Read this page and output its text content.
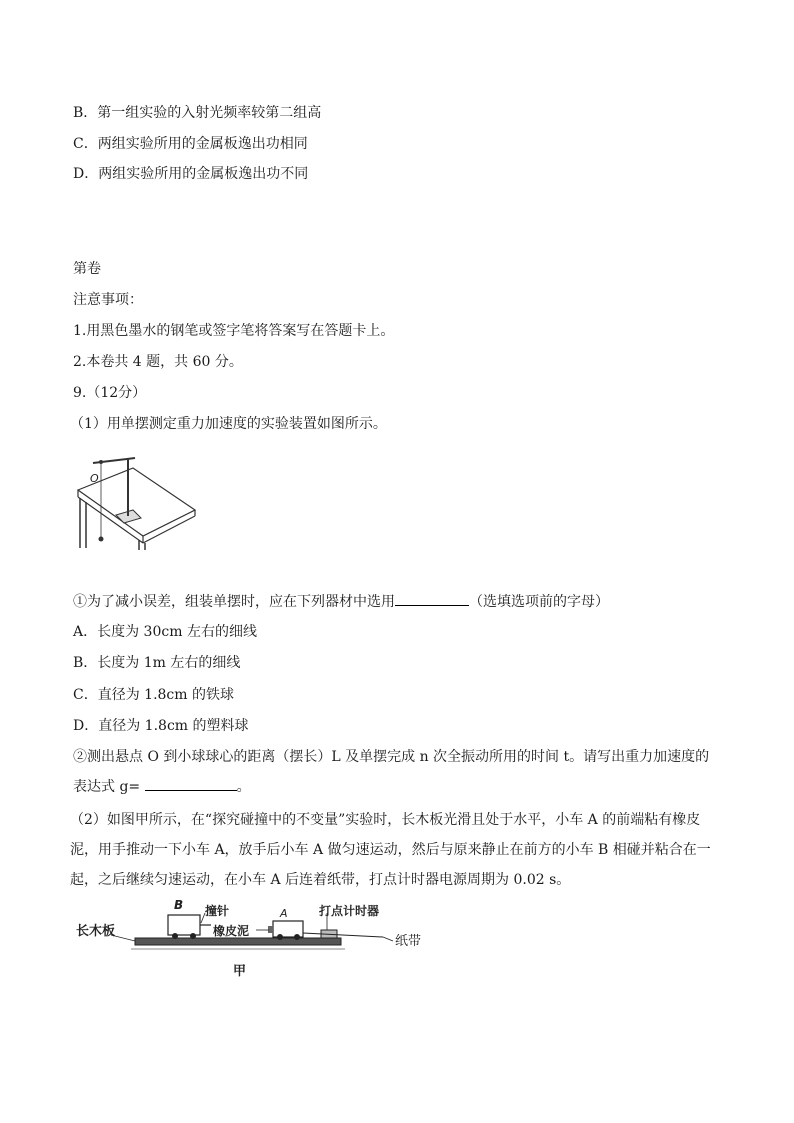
B．第一组实验的入射光频率较第二组高
C．两组实验所用的金属板逸出功相同
D．两组实验所用的金属板逸出功不同
第卷
注意事项：
1.用黑色墨水的钢笔或签字笔将答案写在答题卡上。
2.本卷共 4 题，共 60 分。
9.（12分）
（1）用单摆测定重力加速度的实验装置如图所示。
O
①为了减小误差，组装单摆时，应在下列器材中选用	（选填选项前的字母）
A．长度为 30cm 左右的细线
B．长度为 1m 左右的细线
C．直径为 1.8cm 的铁球
D．直径为 1.8cm 的塑料球
②测出悬点 O 到小球球心的距离（摆长）L 及单摆完成 n 次全振动所用的时间 t。请写出重力加速度的表达式 g=	。
（2）如图甲所示，在“探究碰撞中的不变量”实验时，长木板光滑且处于水平，小车 A 的前端粘有橡皮泥，用手推动一下小车 A，放手后小车 A 做匀速运动，然后与原来静止在前方的小车 B 相碰并粘合在一起，之后继续匀速运动，在小车 A 后连着纸带，打点计时器电源周期为 0.02 s。
长木板
B 撞针	A
橡皮泥
打点计时器
纸带
甲
